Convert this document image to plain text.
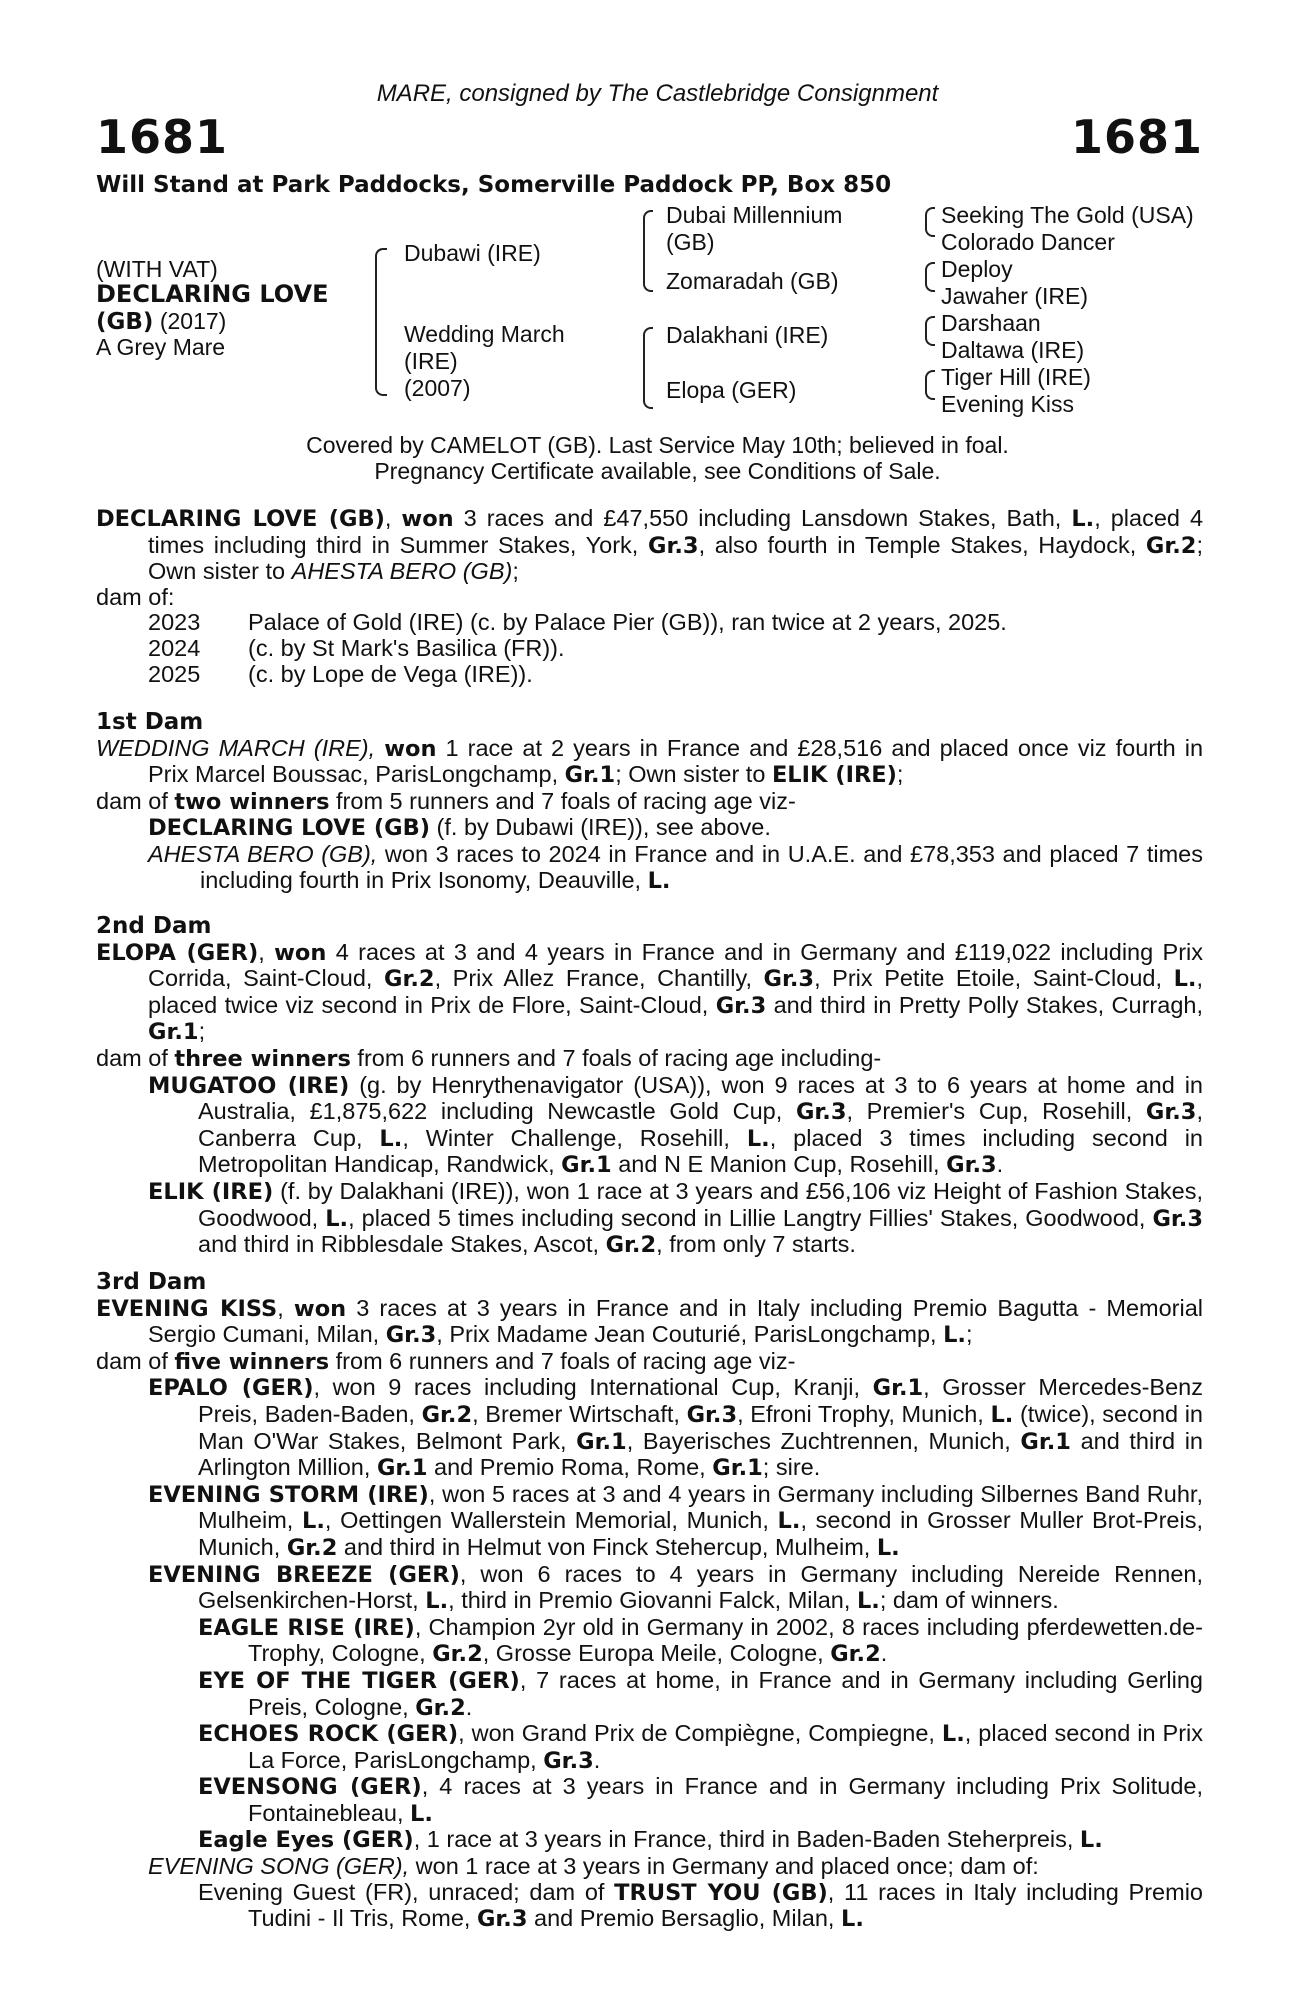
MARE, consigned by The Castlebridge Consignment
1681	1681
Will Stand at Park Paddocks, Somerville Paddock PP, Box 850
(WITH VAT)
DECLARING LOVE
(GB) (2017)
A Grey Mare
Dubawi (IRE)
Wedding March
(IRE)
(2007)
Dubai Millennium
(GB)
Zomaradah (GB)
Dalakhani (IRE)
Elopa (GER)
Seeking The Gold (USA)
Colorado Dancer
Deploy
Jawaher (IRE)
Darshaan
Daltawa (IRE)
Tiger Hill (IRE)
Evening Kiss
Covered by CAMELOT (GB). Last Service May 10th; believed in foal.
Pregnancy Certificate available, see Conditions of Sale.
DECLARING LOVE (GB), won 3 races and £47,550 including Lansdown Stakes, Bath, L., placed 4 times including third in Summer Stakes, York, Gr.3, also fourth in Temple Stakes, Haydock, Gr.2; Own sister to AHESTA BERO (GB);
dam of:
2023	Palace of Gold (IRE) (c. by Palace Pier (GB)), ran twice at 2 years, 2025.
2024	(c. by St Mark's Basilica (FR)).
2025	(c. by Lope de Vega (IRE)).
1st Dam
WEDDING MARCH (IRE), won 1 race at 2 years in France and £28,516 and placed once viz fourth in Prix Marcel Boussac, ParisLongchamp, Gr.1; Own sister to ELIK (IRE);
dam of two winners from 5 runners and 7 foals of racing age viz-
DECLARING LOVE (GB) (f. by Dubawi (IRE)), see above.
AHESTA BERO (GB), won 3 races to 2024 in France and in U.A.E. and £78,353 and placed 7 times including fourth in Prix Isonomy, Deauville, L.
2nd Dam
ELOPA (GER), won 4 races at 3 and 4 years in France and in Germany and £119,022 including Prix Corrida, Saint-Cloud, Gr.2, Prix Allez France, Chantilly, Gr.3, Prix Petite Etoile, Saint-Cloud, L., placed twice viz second in Prix de Flore, Saint-Cloud, Gr.3 and third in Pretty Polly Stakes, Curragh, Gr.1;
dam of three winners from 6 runners and 7 foals of racing age including-
MUGATOO (IRE) (g. by Henrythenavigator (USA)), won 9 races at 3 to 6 years at home and in Australia, £1,875,622 including Newcastle Gold Cup, Gr.3, Premier's Cup, Rosehill, Gr.3, Canberra Cup, L., Winter Challenge, Rosehill, L., placed 3 times including second in Metropolitan Handicap, Randwick, Gr.1 and N E Manion Cup, Rosehill, Gr.3.
ELIK (IRE) (f. by Dalakhani (IRE)), won 1 race at 3 years and £56,106 viz Height of Fashion Stakes, Goodwood, L., placed 5 times including second in Lillie Langtry Fillies' Stakes, Goodwood, Gr.3 and third in Ribblesdale Stakes, Ascot, Gr.2, from only 7 starts.
3rd Dam
EVENING KISS, won 3 races at 3 years in France and in Italy including Premio Bagutta - Memorial Sergio Cumani, Milan, Gr.3, Prix Madame Jean Couturié, ParisLongchamp, L.;
dam of five winners from 6 runners and 7 foals of racing age viz-
EPALO (GER), won 9 races including International Cup, Kranji, Gr.1, Grosser Mercedes-Benz Preis, Baden-Baden, Gr.2, Bremer Wirtschaft, Gr.3, Efroni Trophy, Munich, L. (twice), second in Man O'War Stakes, Belmont Park, Gr.1, Bayerisches Zuchtrennen, Munich, Gr.1 and third in Arlington Million, Gr.1 and Premio Roma, Rome, Gr.1; sire.
EVENING STORM (IRE), won 5 races at 3 and 4 years in Germany including Silbernes Band Ruhr, Mulheim, L., Oettingen Wallerstein Memorial, Munich, L., second in Grosser Muller Brot-Preis, Munich, Gr.2 and third in Helmut von Finck Stehercup, Mulheim, L.
EVENING BREEZE (GER), won 6 races to 4 years in Germany including Nereide Rennen, Gelsenkirchen-Horst, L., third in Premio Giovanni Falck, Milan, L.; dam of winners.
EAGLE RISE (IRE), Champion 2yr old in Germany in 2002, 8 races including pferdewetten.de-Trophy, Cologne, Gr.2, Grosse Europa Meile, Cologne, Gr.2.
EYE OF THE TIGER (GER), 7 races at home, in France and in Germany including Gerling Preis, Cologne, Gr.2.
ECHOES ROCK (GER), won Grand Prix de Compiègne, Compiegne, L., placed second in Prix La Force, ParisLongchamp, Gr.3.
EVENSONG (GER), 4 races at 3 years in France and in Germany including Prix Solitude, Fontainebleau, L.
Eagle Eyes (GER), 1 race at 3 years in France, third in Baden-Baden Steherpreis, L.
EVENING SONG (GER), won 1 race at 3 years in Germany and placed once; dam of:
Evening Guest (FR), unraced; dam of TRUST YOU (GB), 11 races in Italy including Premio Tudini - Il Tris, Rome, Gr.3 and Premio Bersaglio, Milan, L.
